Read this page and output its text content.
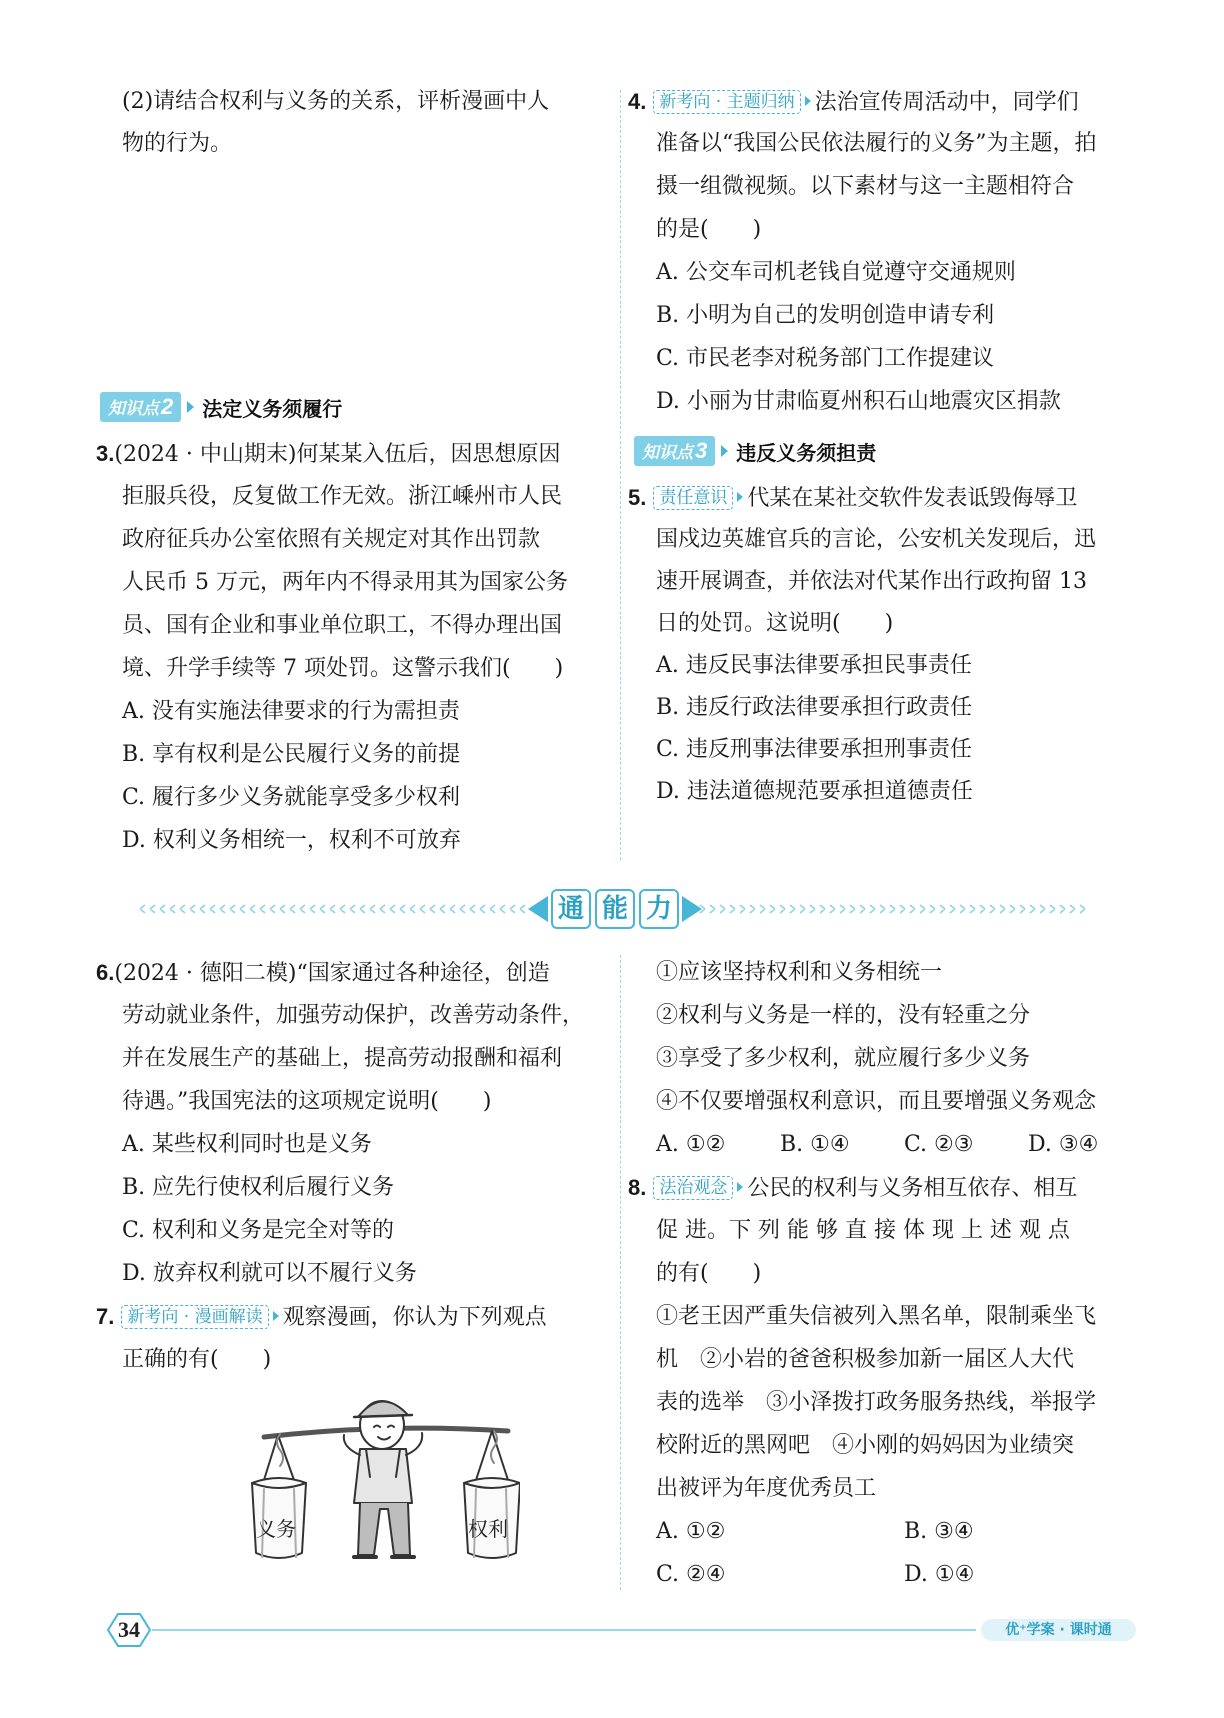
(2)请结合权利与义务的关系，评析漫画中人
物的行为。
知识点2	法定义务须履行
3.(2024 · 中山期末)何某某入伍后，因思想原因
拒服兵役，反复做工作无效。浙江嵊州市人民
政府征兵办公室依照有关规定对其作出罚款
人民币 5 万元，两年内不得录用其为国家公务
员、国有企业和事业单位职工，不得办理出国
境、升学手续等 7 项处罚。这警示我们(　　)
A. 没有实施法律要求的行为需担责
B. 享有权利是公民履行义务的前提
C. 履行多少义务就能享受多少权利
D. 权利义务相统一，权利不可放弃
4. 新考向 · 主题归纳 法治宣传周活动中，同学们
准备以“我国公民依法履行的义务”为主题，拍
摄一组微视频。以下素材与这一主题相符合
的是(　　)
A. 公交车司机老钱自觉遵守交通规则
B. 小明为自己的发明创造申请专利
C. 市民老李对税务部门工作提建议
D. 小丽为甘肃临夏州积石山地震灾区捐款
知识点3	违反义务须担责
5. 责任意识 代某在某社交软件发表诋毁侮辱卫
国戍边英雄官兵的言论，公安机关发现后，迅
速开展调查，并依法对代某作出行政拘留 13
日的处罚。这说明(　　)
A. 违反民事法律要承担民事责任
B. 违反行政法律要承担行政责任
C. 违反刑事法律要承担刑事责任
D. 违法道德规范要承担道德责任
通 能 力
6.(2024 · 德阳二模)“国家通过各种途径，创造
劳动就业条件，加强劳动保护，改善劳动条件，
并在发展生产的基础上，提高劳动报酬和福利
待遇。”我国宪法的这项规定说明(　　)
A. 某些权利同时也是义务
B. 应先行使权利后履行义务
C. 权利和义务是完全对等的
D. 放弃权利就可以不履行义务
7. 新考向 · 漫画解读 观察漫画，你认为下列观点
正确的有(　　)
义务	权利
①应该坚持权利和义务相统一
②权利与义务是一样的，没有轻重之分
③享受了多少权利，就应履行多少义务
④不仅要增强权利意识，而且要增强义务观念
A. ①② B. ①④ C. ②③ D. ③④
8. 法治观念 公民的权利与义务相互依存、相互
促 进。下 列 能 够 直 接 体 现 上 述 观 点
的有(　　)
①老王因严重失信被列入黑名单，限制乘坐飞
机　②小岩的爸爸积极参加新一届区人大代
表的选举　③小泽拨打政务服务热线，举报学
校附近的黑网吧　④小刚的妈妈因为业绩突
出被评为年度优秀员工
A. ①②	B. ③④
C. ②④	D. ①④
34	优⁺学案 · 课时通
